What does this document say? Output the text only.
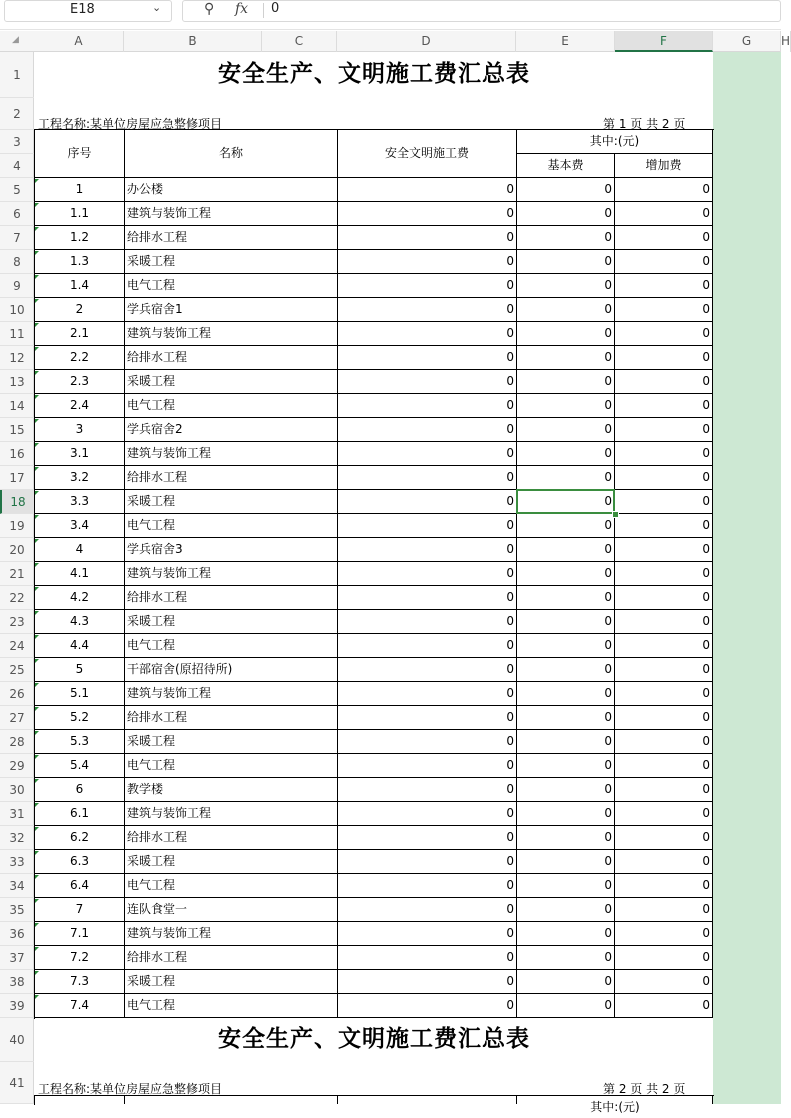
E18	⌄	⚲ fx 0
◢	A	B	C	D	E	F	G	H
1
2
3
4
5
6
7
8
9
10
11
12
13
14
15
16
17
18
19
20
21
22
23
24
25
26
27
28
29
30
31
32
33
34
35
36
37
38
39
40
41
安全生产、文明施工费汇总表
工程名称:某单位房屋应急整修项目	第 1 页 共 2 页
序号	名称	安全文明施工费
其中:(元)
基本费	增加费
1	办公楼	0	0	0
1.1	建筑与装饰工程	0	0	0
1.2	给排水工程	0	0	0
1.3	采暖工程	0	0	0
1.4	电气工程	0	0	0
2	学兵宿舍1	0	0	0
2.1	建筑与装饰工程	0	0	0
2.2	给排水工程	0	0	0
2.3	采暖工程	0	0	0
2.4	电气工程	0	0	0
3	学兵宿舍2	0	0	0
3.1	建筑与装饰工程	0	0	0
3.2	给排水工程	0	0	0
3.3	采暖工程	0	0	0
3.4	电气工程	0	0	0
4	学兵宿舍3	0	0	0
4.1	建筑与装饰工程	0	0	0
4.2	给排水工程	0	0	0
4.3	采暖工程	0	0	0
4.4	电气工程	0	0	0
5	干部宿舍(原招待所)	0	0	0
5.1	建筑与装饰工程	0	0	0
5.2	给排水工程	0	0	0
5.3	采暖工程	0	0	0
5.4	电气工程	0	0	0
6	教学楼	0	0	0
6.1	建筑与装饰工程	0	0	0
6.2	给排水工程	0	0	0
6.3	采暖工程	0	0	0
6.4	电气工程	0	0	0
7	连队食堂一	0	0	0
7.1	建筑与装饰工程	0	0	0
7.2	给排水工程	0	0	0
7.3	采暖工程	0	0	0
7.4	电气工程	0	0	0
其中:(元)
安全生产、文明施工费汇总表
工程名称:某单位房屋应急整修项目	第 2 页 共 2 页
